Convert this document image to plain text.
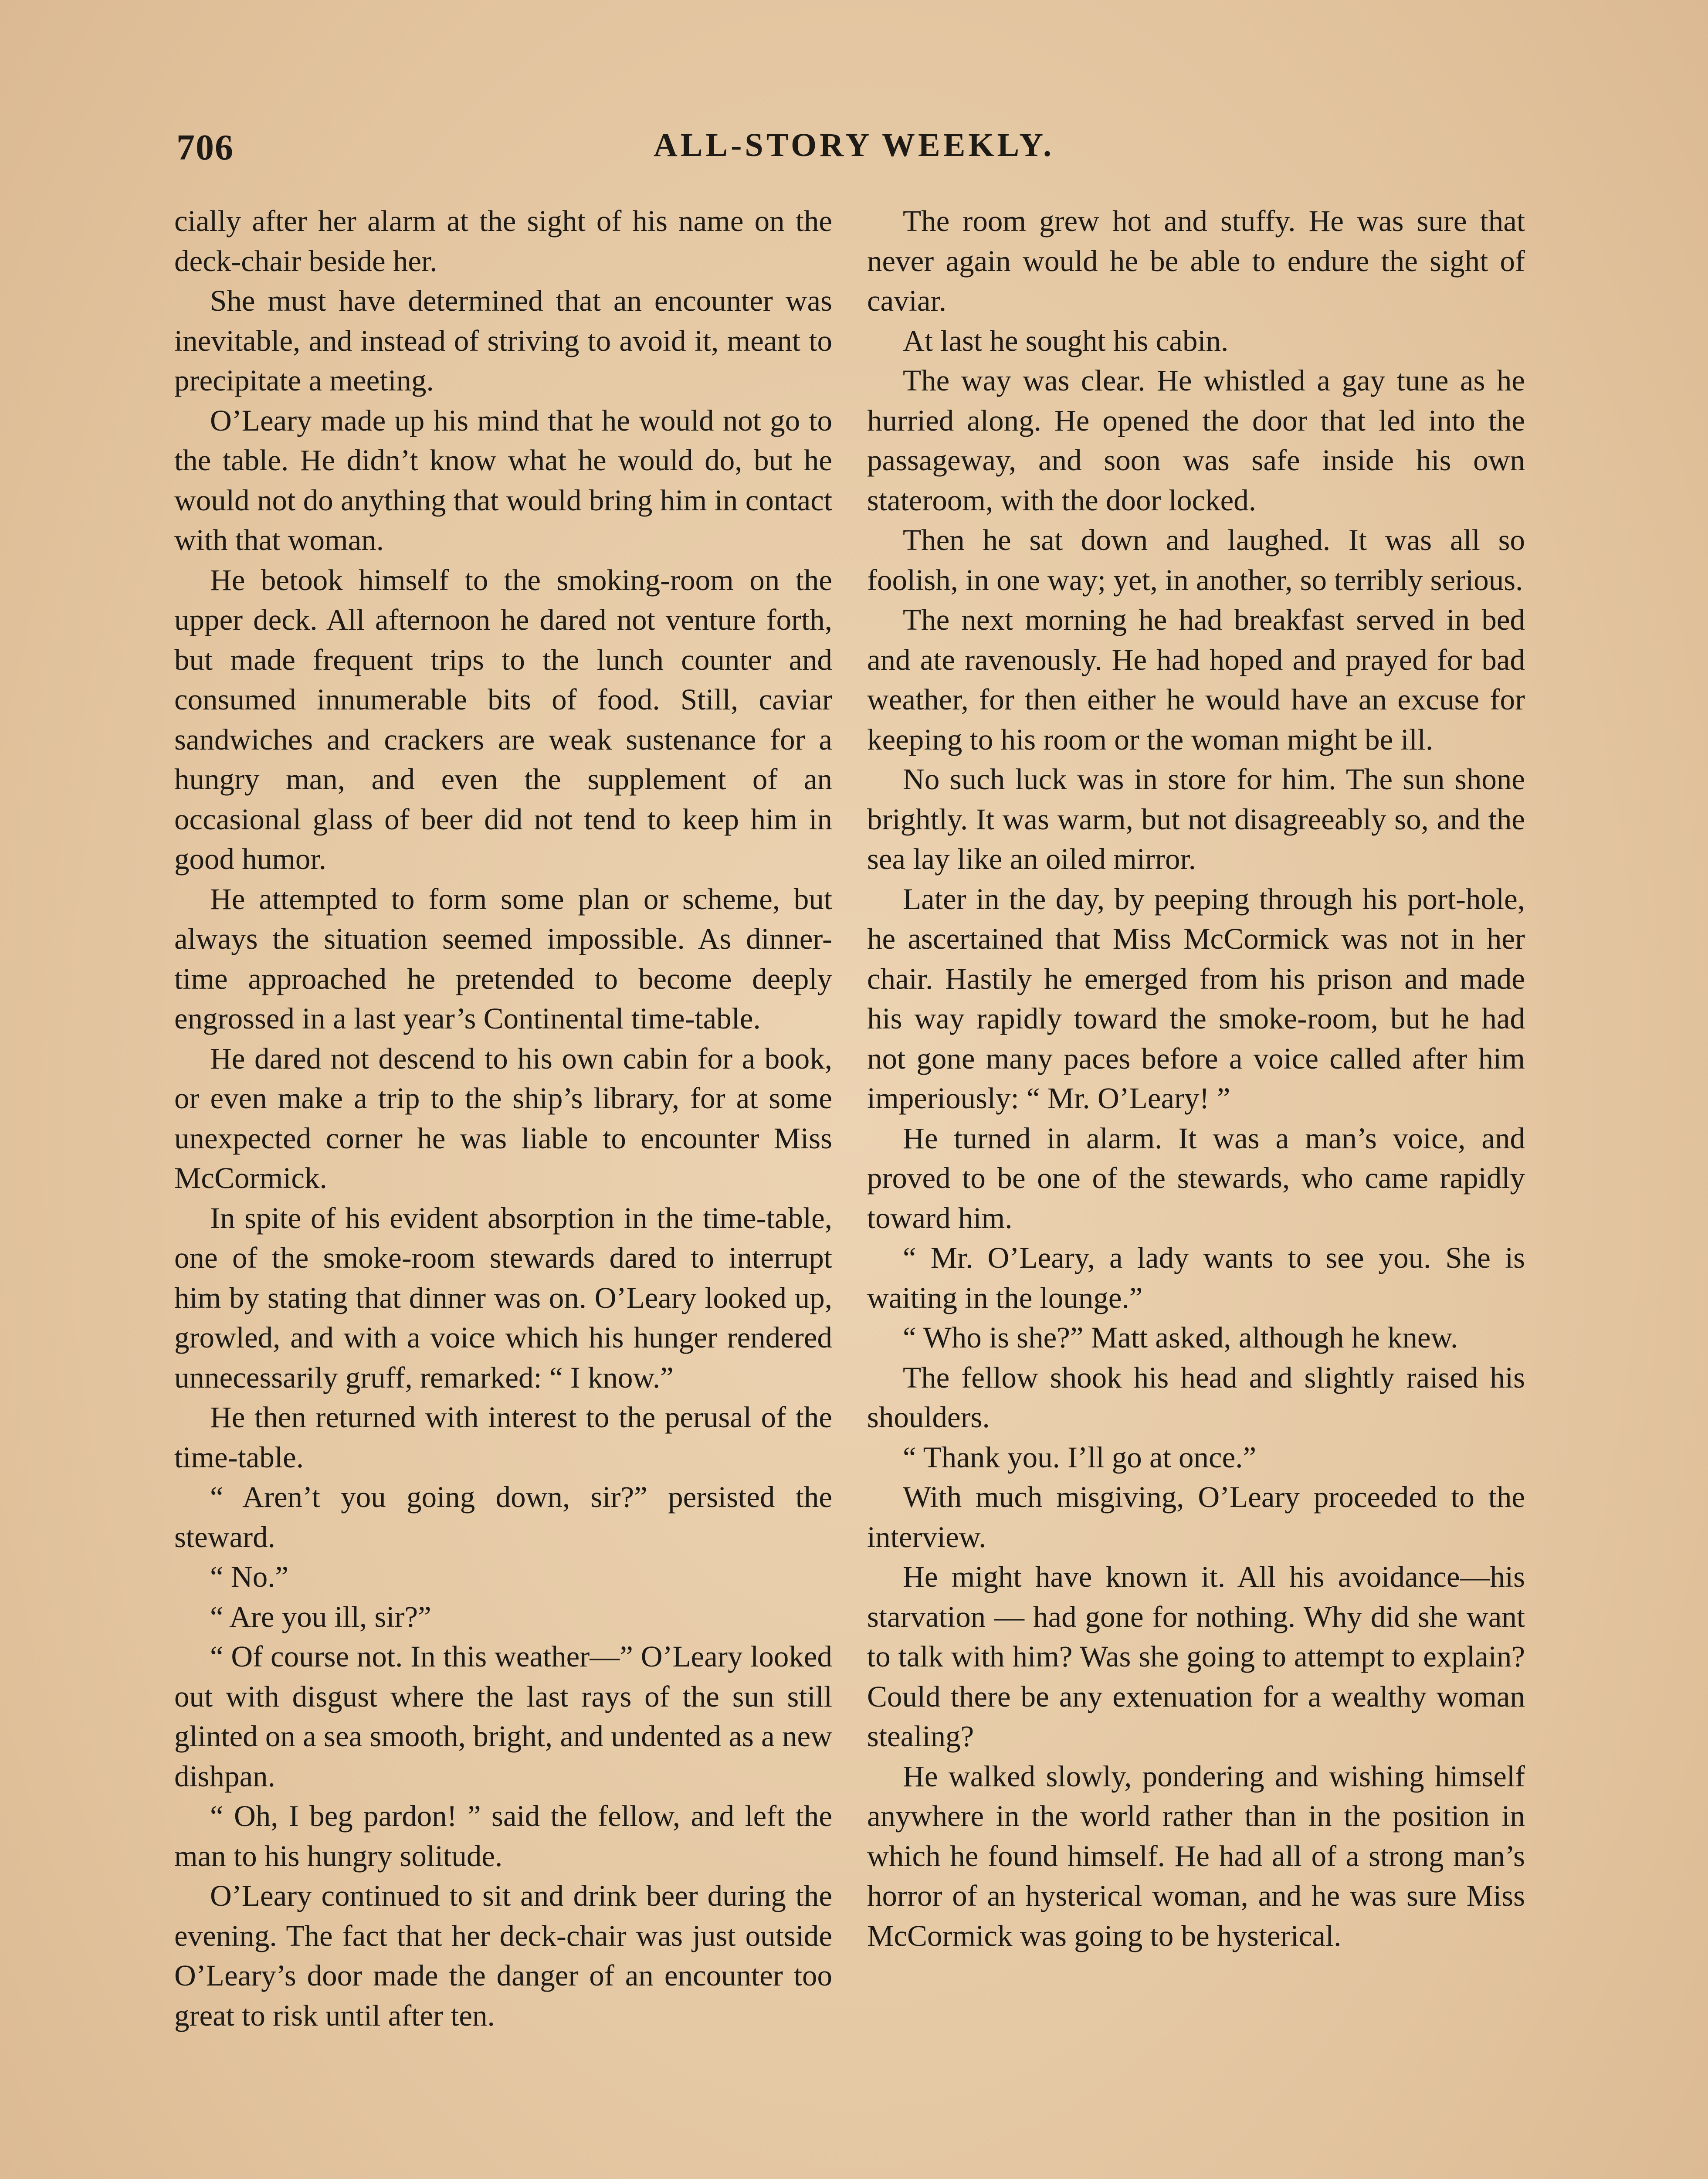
706	ALL-STORY WEEKLY.

cially after her alarm at the sight of his name on the deck-chair beside her.

She must have determined that an encounter was inevitable, and instead of striving to avoid it, meant to precipitate a meeting.

O’Leary made up his mind that he would not go to the table. He didn’t know what he would do, but he would not do anything that would bring him in contact with that woman.

He betook himself to the smoking-room on the upper deck. All afternoon he dared not venture forth, but made frequent trips to the lunch counter and consumed innumerable bits of food. Still, caviar sandwiches and crackers are weak sustenance for a hungry man, and even the supplement of an occasional glass of beer did not tend to keep him in good humor.

He attempted to form some plan or scheme, but always the situation seemed impossible. As dinner-time approached he pretended to become deeply engrossed in a last year’s Continental time-table.

He dared not descend to his own cabin for a book, or even make a trip to the ship’s library, for at some unexpected corner he was liable to encounter Miss McCormick.

In spite of his evident absorption in the time-table, one of the smoke-room stewards dared to interrupt him by stating that dinner was on. O’Leary looked up, growled, and with a voice which his hunger rendered unnecessarily gruff, remarked: “ I know.”

He then returned with interest to the perusal of the time-table.

“ Aren’t you going down, sir?” persisted the steward.

“ No.”

“ Are you ill, sir?”

“ Of course not. In this weather—” O’Leary looked out with disgust where the last rays of the sun still glinted on a sea smooth, bright, and undented as a new dishpan.

“ Oh, I beg pardon! ” said the fellow, and left the man to his hungry solitude.

O’Leary continued to sit and drink beer during the evening. The fact that her deck-chair was just outside O’Leary’s door made the danger of an encounter too great to risk until after ten.

The room grew hot and stuffy. He was sure that never again would he be able to endure the sight of caviar.

At last he sought his cabin.

The way was clear. He whistled a gay tune as he hurried along. He opened the door that led into the passageway, and soon was safe inside his own stateroom, with the door locked.

Then he sat down and laughed. It was all so foolish, in one way; yet, in another, so terribly serious.

The next morning he had breakfast served in bed and ate ravenously. He had hoped and prayed for bad weather, for then either he would have an excuse for keeping to his room or the woman might be ill.

No such luck was in store for him. The sun shone brightly. It was warm, but not disagreeably so, and the sea lay like an oiled mirror.

Later in the day, by peeping through his port-hole, he ascertained that Miss McCormick was not in her chair. Hastily he emerged from his prison and made his way rapidly toward the smoke-room, but he had not gone many paces before a voice called after him imperiously: “ Mr. O’Leary! ”

He turned in alarm. It was a man’s voice, and proved to be one of the stewards, who came rapidly toward him.

“ Mr. O’Leary, a lady wants to see you. She is waiting in the lounge.”

“ Who is she?” Matt asked, although he knew.

The fellow shook his head and slightly raised his shoulders.

“ Thank you. I’ll go at once.”

With much misgiving, O’Leary proceeded to the interview.

He might have known it. All his avoidance—his starvation — had gone for nothing. Why did she want to talk with him? Was she going to attempt to explain? Could there be any extenuation for a wealthy woman stealing?

He walked slowly, pondering and wishing himself anywhere in the world rather than in the position in which he found himself. He had all of a strong man’s horror of an hysterical woman, and he was sure Miss McCormick was going to be hysterical.
